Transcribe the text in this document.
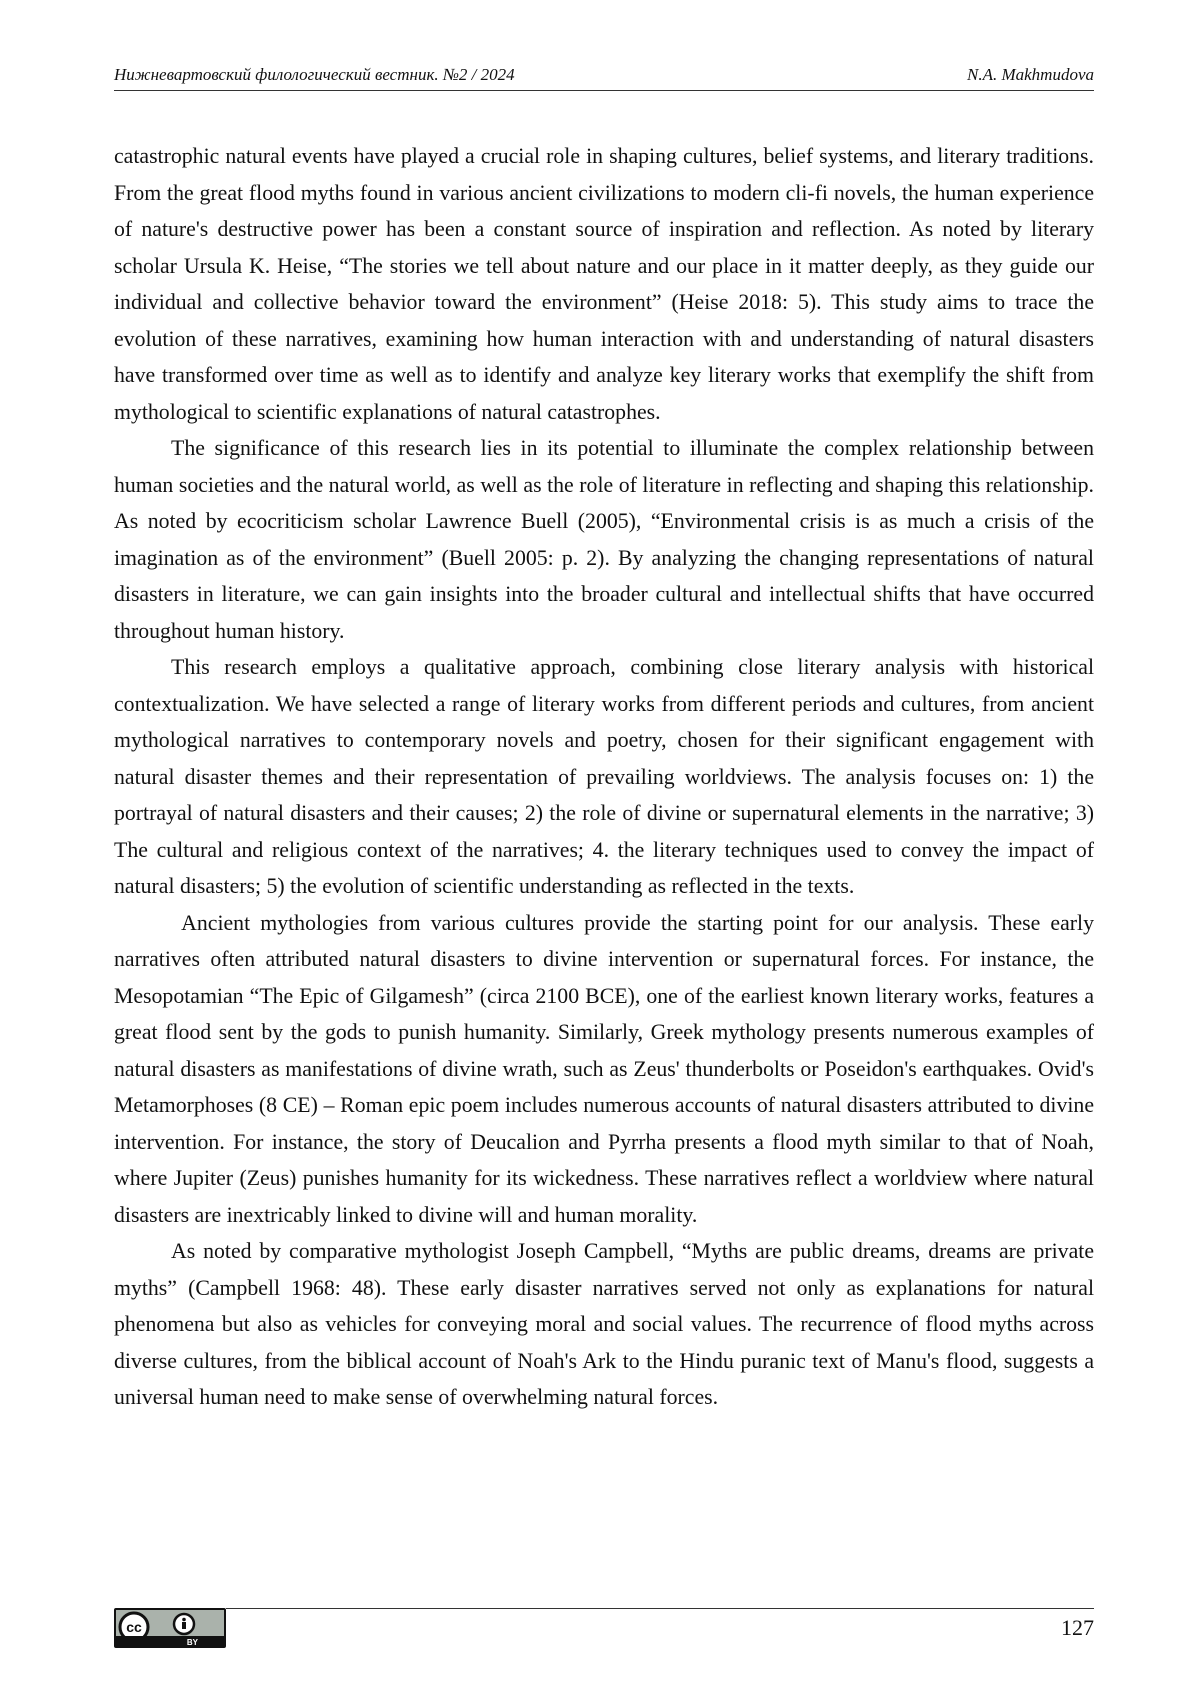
Нижневартовский филологический вестник. №2 / 2024	N.A. Makhmudova

catastrophic natural events have played a crucial role in shaping cultures, belief systems, and literary traditions. From the great flood myths found in various ancient civilizations to modern cli-fi novels, the human experience of nature's destructive power has been a constant source of inspiration and reflection. As noted by literary scholar Ursula K. Heise, “The stories we tell about nature and our place in it matter deeply, as they guide our individual and collective behavior toward the environment” (Heise 2018: 5). This study aims to trace the evolution of these narratives, examining how human interaction with and understanding of natural disasters have transformed over time as well as to identify and analyze key literary works that exemplify the shift from mythological to scientific explanations of natural catastrophes.

The significance of this research lies in its potential to illuminate the complex relationship between human societies and the natural world, as well as the role of literature in reflecting and shaping this relationship. As noted by ecocriticism scholar Lawrence Buell (2005), “Environmental crisis is as much a crisis of the imagination as of the environment” (Buell 2005: p. 2). By analyzing the changing representations of natural disasters in literature, we can gain insights into the broader cultural and intellectual shifts that have occurred throughout human history.

This research employs a qualitative approach, combining close literary analysis with historical contextualization. We have selected a range of literary works from different periods and cultures, from ancient mythological narratives to contemporary novels and poetry, chosen for their significant engagement with natural disaster themes and their representation of prevailing worldviews. The analysis focuses on: 1) the portrayal of natural disasters and their causes; 2) the role of divine or supernatural elements in the narrative; 3) The cultural and religious context of the narratives; 4. the literary techniques used to convey the impact of natural disasters; 5) the evolution of scientific understanding as reflected in the texts.

Ancient mythologies from various cultures provide the starting point for our analysis. These early narratives often attributed natural disasters to divine intervention or supernatural forces. For instance, the Mesopotamian “The Epic of Gilgamesh” (circa 2100 BCE), one of the earliest known literary works, features a great flood sent by the gods to punish humanity. Similarly, Greek mythology presents numerous examples of natural disasters as manifestations of divine wrath, such as Zeus' thunderbolts or Poseidon's earthquakes. Ovid's Metamorphoses (8 CE) – Roman epic poem includes numerous accounts of natural disasters attributed to divine intervention. For instance, the story of Deucalion and Pyrrha presents a flood myth similar to that of Noah, where Jupiter (Zeus) punishes humanity for its wickedness. These narratives reflect a worldview where natural disasters are inextricably linked to divine will and human morality.

As noted by comparative mythologist Joseph Campbell, “Myths are public dreams, dreams are private myths” (Campbell 1968: 48). These early disaster narratives served not only as explanations for natural phenomena but also as vehicles for conveying moral and social values. The recurrence of flood myths across diverse cultures, from the biblical account of Noah's Ark to the Hindu puranic text of Manu's flood, suggests a universal human need to make sense of overwhelming natural forces.

cc
BY
127
